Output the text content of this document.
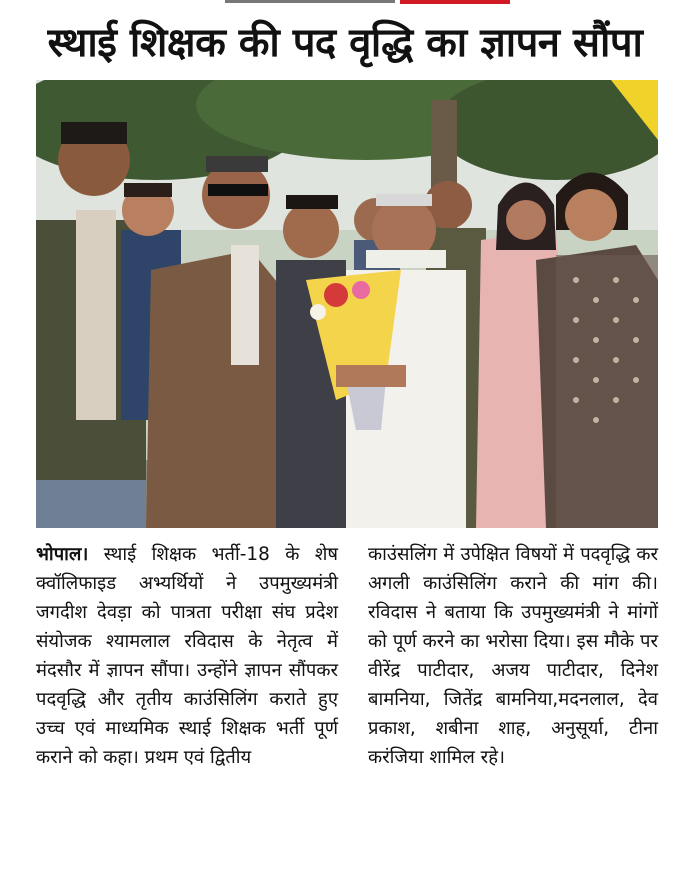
स्थाई शिक्षक की पद वृद्धि का ज्ञापन सौंपा

भोपाल। स्थाई शिक्षक भर्ती-18 के शेष क्वॉलिफाइड अभ्यर्थियों ने उपमुख्यमंत्री जगदीश देवड़ा को पात्रता परीक्षा संघ प्रदेश संयोजक श्यामलाल रविदास के नेतृत्व में मंदसौर में ज्ञापन सौंपा। उन्होंने ज्ञापन सौंपकर पदवृद्धि और तृतीय काउंसिलिंग कराते हुए उच्च एवं माध्यमिक स्थाई शिक्षक भर्ती पूर्ण कराने को कहा। प्रथम एवं द्वितीय

काउंसलिंग में उपेक्षित विषयों में पदवृद्धि कर अगली काउंसिलिंग कराने की मांग की। रविदास ने बताया कि उपमुख्यमंत्री ने मांगों को पूर्ण करने का भरोसा दिया। इस मौके पर वीरेंद्र पाटीदार, अजय पाटीदार, दिनेश बामनिया, जितेंद्र बामनिया,मदनलाल, देव प्रकाश, शबीना शाह, अनुसूर्या, टीना करंजिया शामिल रहे।
